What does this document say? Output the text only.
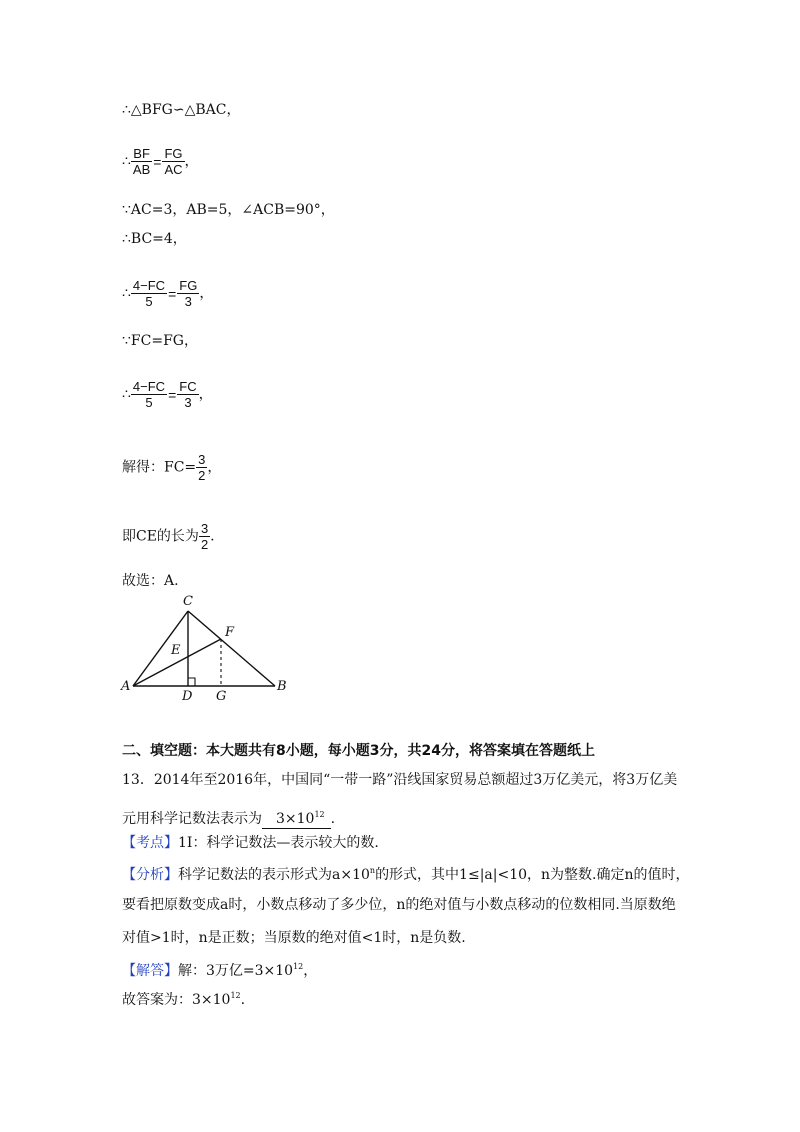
∴△BFG∽△BAC，
∴ $\frac{BF}{AB} = \frac{FG}{AC}$ ，
∵AC=3，AB=5，∠ACB=90°，
∴BC=4，
∴ $\frac{4-FC}{5} = \frac{FG}{3}$ ，
∵FC=FG，
∴ $\frac{4-FC}{5} = \frac{FC}{3}$ ，
解得：$FC= \frac{3}{2}$ ，
即CE的长为 $\frac{3}{2}$ .
故选：A.
C
F
E
A
D G
B
二、填空题：本大题共有8小题，每小题3分，共24分，将答案填在答题纸上
13．2014年至2016年，中国同“一带一路”沿线国家贸易总额超过3万亿美元，将3万亿美
元用科学记数法表示为 $3\times 10^{12}$ .
【考点】1I：科学记数法—表示较大的数.
【分析】科学记数法的表示形式为$a\times 10^n$的形式，其中1≤|a|<10，n为整数.确定n的值时，
要看把原数变成a时，小数点移动了多少位，n的绝对值与小数点移动的位数相同.当原数绝
对值>1时，n是正数；当原数的绝对值<1时，n是负数.
【解答】解：3万亿$=3\times 10^{12}$，
故答案为：$3\times 10^{12}$.
